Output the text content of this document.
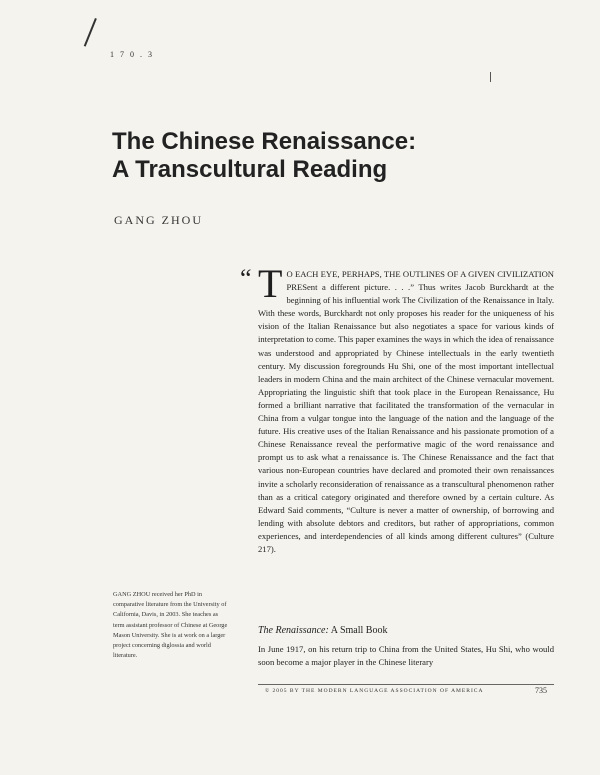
1 7 0 . 3
The Chinese Renaissance:
A Transcultural Reading
GANG ZHOU
“ T O EACH EYE, PERHAPS, THE OUTLINES OF A GIVEN CIVILIZATION PRESent a different picture. . . .” Thus writes Jacob Burckhardt at the beginning of his influential work The Civilization of the Renaissance in Italy. With these words, Burckhardt not only proposes his reader for the uniqueness of his vision of the Italian Renaissance but also negotiates a space for various kinds of interpretation to come. This paper examines the ways in which the idea of renaissance was understood and appropriated by Chinese intellectuals in the early twentieth century. My discussion foregrounds Hu Shi, one of the most important intellectual leaders in modern China and the main architect of the Chinese vernacular movement. Appropriating the linguistic shift that took place in the European Renaissance, Hu formed a brilliant narrative that facilitated the transformation of the vernacular in China from a vulgar tongue into the language of the nation and the language of the future. His creative uses of the Italian Renaissance and his passionate promotion of a Chinese Renaissance reveal the performative magic of the word renaissance and prompt us to ask what a renaissance is. The Chinese Renaissance and the fact that various non-European countries have declared and promoted their own renaissances invite a scholarly reconsideration of renaissance as a transcultural phenomenon rather than as a critical category originated and therefore owned by a certain culture. As Edward Said comments, “Culture is never a matter of ownership, of borrowing and lending with absolute debtors and creditors, but rather of appropriations, common experiences, and interdependencies of all kinds among different cultures” (Culture 217).
GANG ZHOU received her PhD in comparative literature from the University of California, Davis, in 2003. She teaches as term assistant professor of Chinese at George Mason University. She is at work on a larger project concerning diglossia and world literature.
The Renaissance: A Small Book
In June 1917, on his return trip to China from the United States, Hu Shi, who would soon become a major player in the Chinese literary
© 2005 BY THE MODERN LANGUAGE ASSOCIATION OF AMERICA	735
